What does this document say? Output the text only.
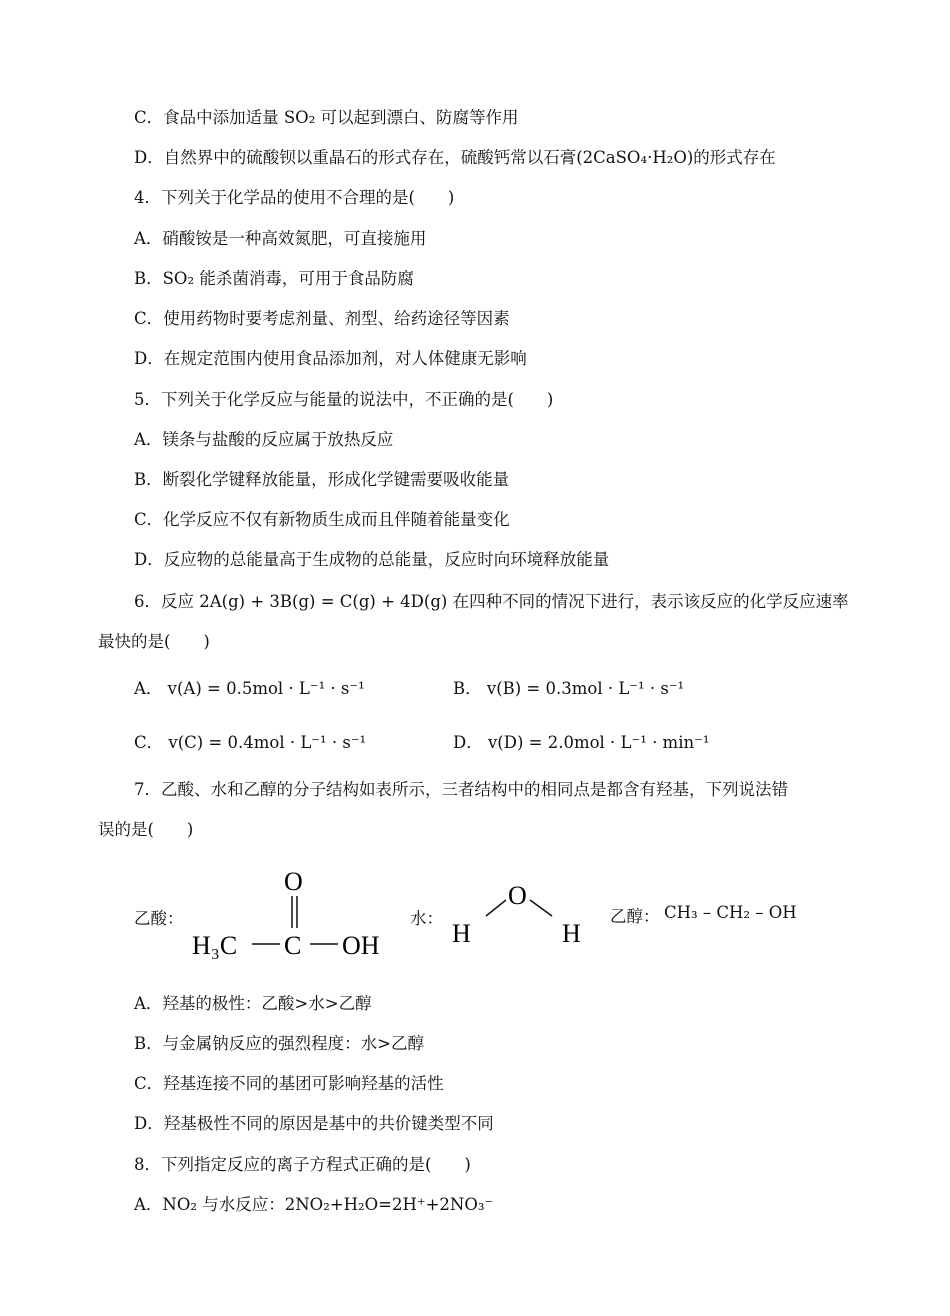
C．食品中添加适量 SO₂ 可以起到漂白、防腐等作用
D．自然界中的硫酸钡以重晶石的形式存在，硫酸钙常以石膏(2CaSO₄·H₂O)的形式存在
4．下列关于化学品的使用不合理的是(　　)
A．硝酸铵是一种高效氮肥，可直接施用
B．SO₂ 能杀菌消毒，可用于食品防腐
C．使用药物时要考虑剂量、剂型、给药途径等因素
D．在规定范围内使用食品添加剂，对人体健康无影响
5．下列关于化学反应与能量的说法中，不正确的是(　　)
A．镁条与盐酸的反应属于放热反应
B．断裂化学键释放能量，形成化学键需要吸收能量
C．化学反应不仅有新物质生成而且伴随着能量变化
D．反应物的总能量高于生成物的总能量，反应时向环境释放能量
6．反应 2A(g) + 3B(g) = C(g) + 4D(g) 在四种不同的情况下进行，表示该反应的化学反应速率
最快的是(　　)
A． v(A) = 0.5mol · L⁻¹ · s⁻¹	B． v(B) = 0.3mol · L⁻¹ · s⁻¹
C． v(C) = 0.4mol · L⁻¹ · s⁻¹	D． v(D) = 2.0mol · L⁻¹ · min⁻¹
7．乙酸、水和乙醇的分子结构如表所示，三者结构中的相同点是都含有羟基，下列说法错
误的是(　　)
乙酸：
O
H₃C C OH
水：
O
H	H
乙醇： CH₃ – CH₂ – OH
A．羟基的极性：乙酸>水>乙醇
B．与金属钠反应的强烈程度：水>乙醇
C．羟基连接不同的基团可影响羟基的活性
D．羟基极性不同的原因是基中的共价键类型不同
8．下列指定反应的离子方程式正确的是(　　)
A．NO₂ 与水反应：2NO₂+H₂O=2H⁺+2NO₃⁻
